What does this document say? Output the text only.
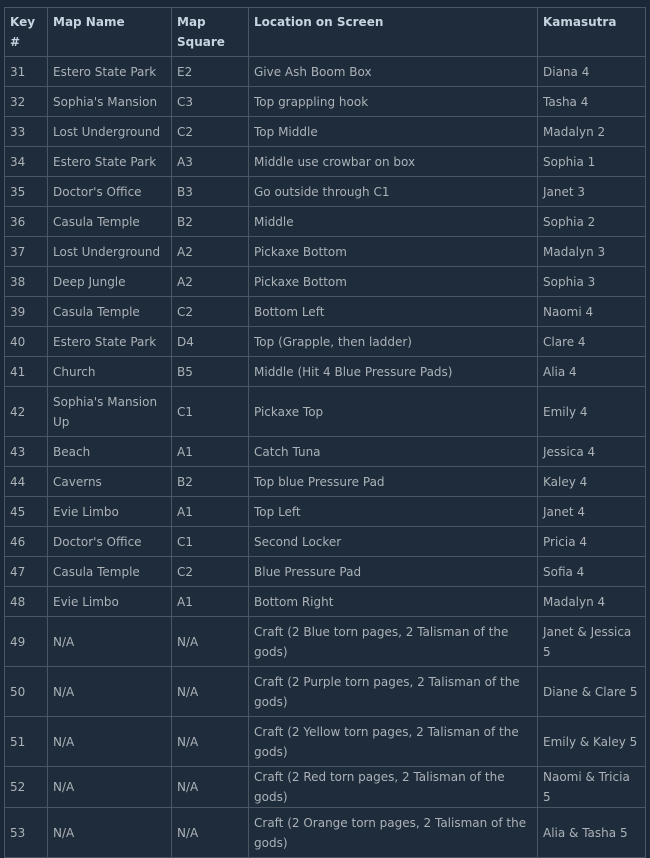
Key #	Map Name	Map Square	Location on Screen	Kamasutra
31	Estero State Park	E2	Give Ash Boom Box	Diana 4
32	Sophia's Mansion	C3	Top grappling hook	Tasha 4
33	Lost Underground	C2	Top Middle	Madalyn 2
34	Estero State Park	A3	Middle use crowbar on box	Sophia 1
35	Doctor's Office	B3	Go outside through C1	Janet 3
36	Casula Temple	B2	Middle	Sophia 2
37	Lost Underground	A2	Pickaxe Bottom	Madalyn 3
38	Deep Jungle	A2	Pickaxe Bottom	Sophia 3
39	Casula Temple	C2	Bottom Left	Naomi 4
40	Estero State Park	D4	Top (Grapple, then ladder)	Clare 4
41	Church	B5	Middle (Hit 4 Blue Pressure Pads)	Alia 4
42	Sophia's Mansion Up	C1	Pickaxe Top	Emily 4
43	Beach	A1	Catch Tuna	Jessica 4
44	Caverns	B2	Top blue Pressure Pad	Kaley 4
45	Evie Limbo	A1	Top Left	Janet 4
46	Doctor's Office	C1	Second Locker	Pricia 4
47	Casula Temple	C2	Blue Pressure Pad	Sofia 4
48	Evie Limbo	A1	Bottom Right	Madalyn 4
49	N/A	N/A	Craft (2 Blue torn pages, 2 Talisman of the gods)	Janet & Jessica 5
50	N/A	N/A	Craft (2 Purple torn pages, 2 Talisman of the gods)	Diane & Clare 5
51	N/A	N/A	Craft (2 Yellow torn pages, 2 Talisman of the gods)	Emily & Kaley 5
52	N/A	N/A	Craft (2 Red torn pages, 2 Talisman of the gods)	Naomi & Tricia 5
53	N/A	N/A	Craft (2 Orange torn pages, 2 Talisman of the gods)	Alia & Tasha 5
